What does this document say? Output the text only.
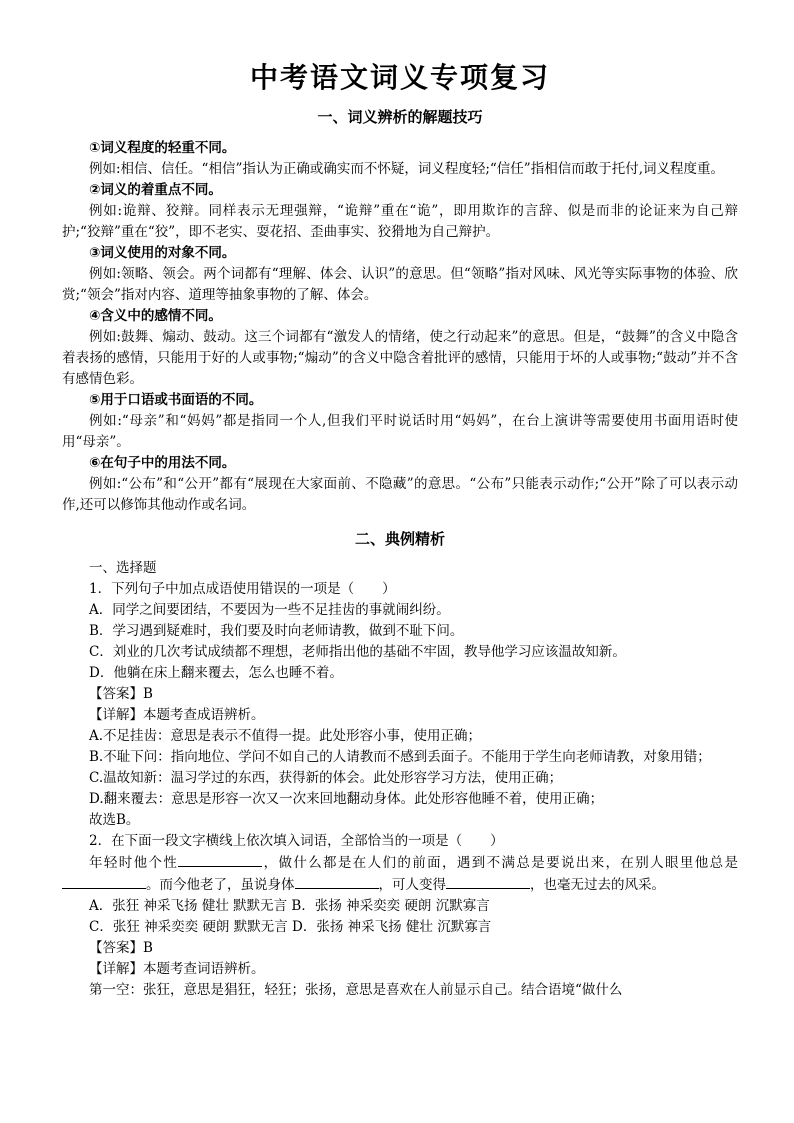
中考语文词义专项复习
一、词义辨析的解题技巧

①词义程度的轻重不同。

例如:相信、信任。“相信”指认为正确或确实而不怀疑，词义程度轻;“信任”指相信而敢于托付,词义程度重。

②词义的着重点不同。

例如:诡辩、狡辩。同样表示无理强辩，“诡辩”重在“诡”，即用欺诈的言辞、似是而非的论证来为自己辩护;“狡辩”重在“狡”，即不老实、耍花招、歪曲事实、狡猾地为自己辩护。

③词义使用的对象不同。

例如:领略、领会。两个词都有“理解、体会、认识”的意思。但“领略”指对风味、风光等实际事物的体验、欣赏;“领会”指对内容、道理等抽象事物的了解、体会。

④含义中的感情不同。

例如:鼓舞、煽动、鼓动。这三个词都有“激发人的情绪，使之行动起来”的意思。但是，“鼓舞”的含义中隐含着表扬的感情，只能用于好的人或事物;“煽动”的含义中隐含着批评的感情，只能用于坏的人或事物;“鼓动”并不含有感情色彩。

⑤用于口语或书面语的不同。

例如:“母亲”和“妈妈”都是指同一个人,但我们平时说话时用“妈妈”，在台上演讲等需要使用书面用语时使用“母亲”。

⑥在句子中的用法不同。

例如:“公布”和“公开”都有“展现在大家面前、不隐藏”的意思。“公布”只能表示动作;“公开”除了可以表示动作,还可以修饰其他动作或名词。

二、典例精析

一、选择题

1．下列句子中加点成语使用错误的一项是（ ）

A．同学之间要团结，不要因为一些不足挂齿的事就闹纠纷。

B．学习遇到疑难时，我们要及时向老师请教，做到不耻下问。

C．刘业的几次考试成绩都不理想，老师指出他的基础不牢固，教导他学习应该温故知新。

D．他躺在床上翻来覆去，怎么也睡不着。

【答案】B

【详解】本题考查成语辨析。

A.不足挂齿：意思是表示不值得一提。此处形容小事，使用正确；

B.不耻下问：指向地位、学问不如自己的人请教而不感到丢面子。不能用于学生向老师请教，对象用错；

C.温故知新：温习学过的东西，获得新的体会。此处形容学习方法，使用正确；

D.翻来覆去：意思是形容一次又一次来回地翻动身体。此处形容他睡不着，使用正确；

故选B。

2．在下面一段文字横线上依次填入词语，全部恰当的一项是（ ）

年轻时他个性	，做什么都是在人们的前面，遇到不满总是要说出来，在别人眼里他总是。而今他老了，虽说身体	，可人变得	，也毫无过去的风采。

A．张狂 神采飞扬 健壮 默默无言 B．张扬 神采奕奕 硬朗 沉默寡言

C．张狂 神采奕奕 硬朗 默默无言 D．张扬 神采飞扬 健壮 沉默寡言

【答案】B

【详解】本题考查词语辨析。

第一空：张狂，意思是猖狂，轻狂；张扬，意思是喜欢在人前显示自己。结合语境“做什么
